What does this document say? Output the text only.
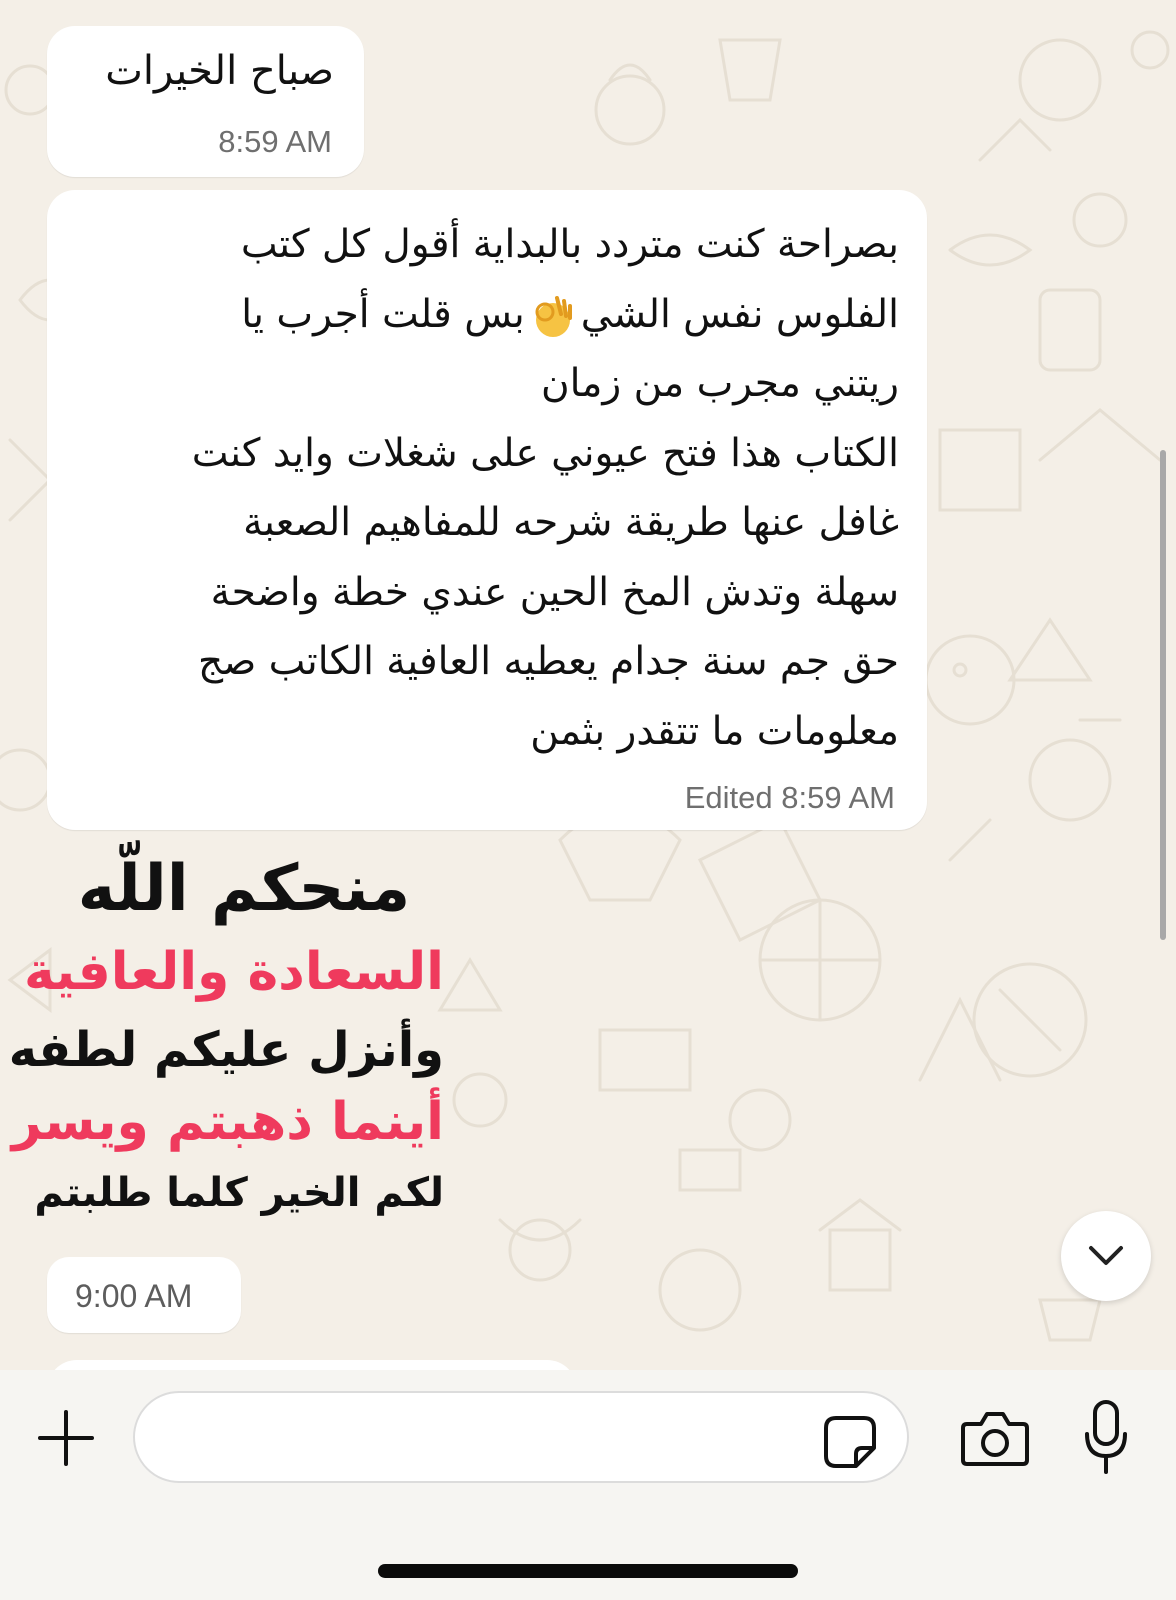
صباح الخيرات
8:59 AM
بصراحة كنت متردد بالبداية أقول كل كتب
الفلوس نفس الشيبس قلت أجرب يا
ريتني مجرب من زمان
الكتاب هذا فتح عيوني على شغلات وايد كنت
غافل عنها طريقة شرحه للمفاهيم الصعبة
سهلة وتدش المخ الحين عندي خطة واضحة
حق جم سنة جدام يعطيه العافية الكاتب صج
معلومات ما تتقدر بثمن
Edited 8:59 AM
منحكم اللّه
السعادة والعافية
وأنزل عليكم لطفه
أينما ذهبتم ويسر
لكم الخير كلما طلبتم
9:00 AM
